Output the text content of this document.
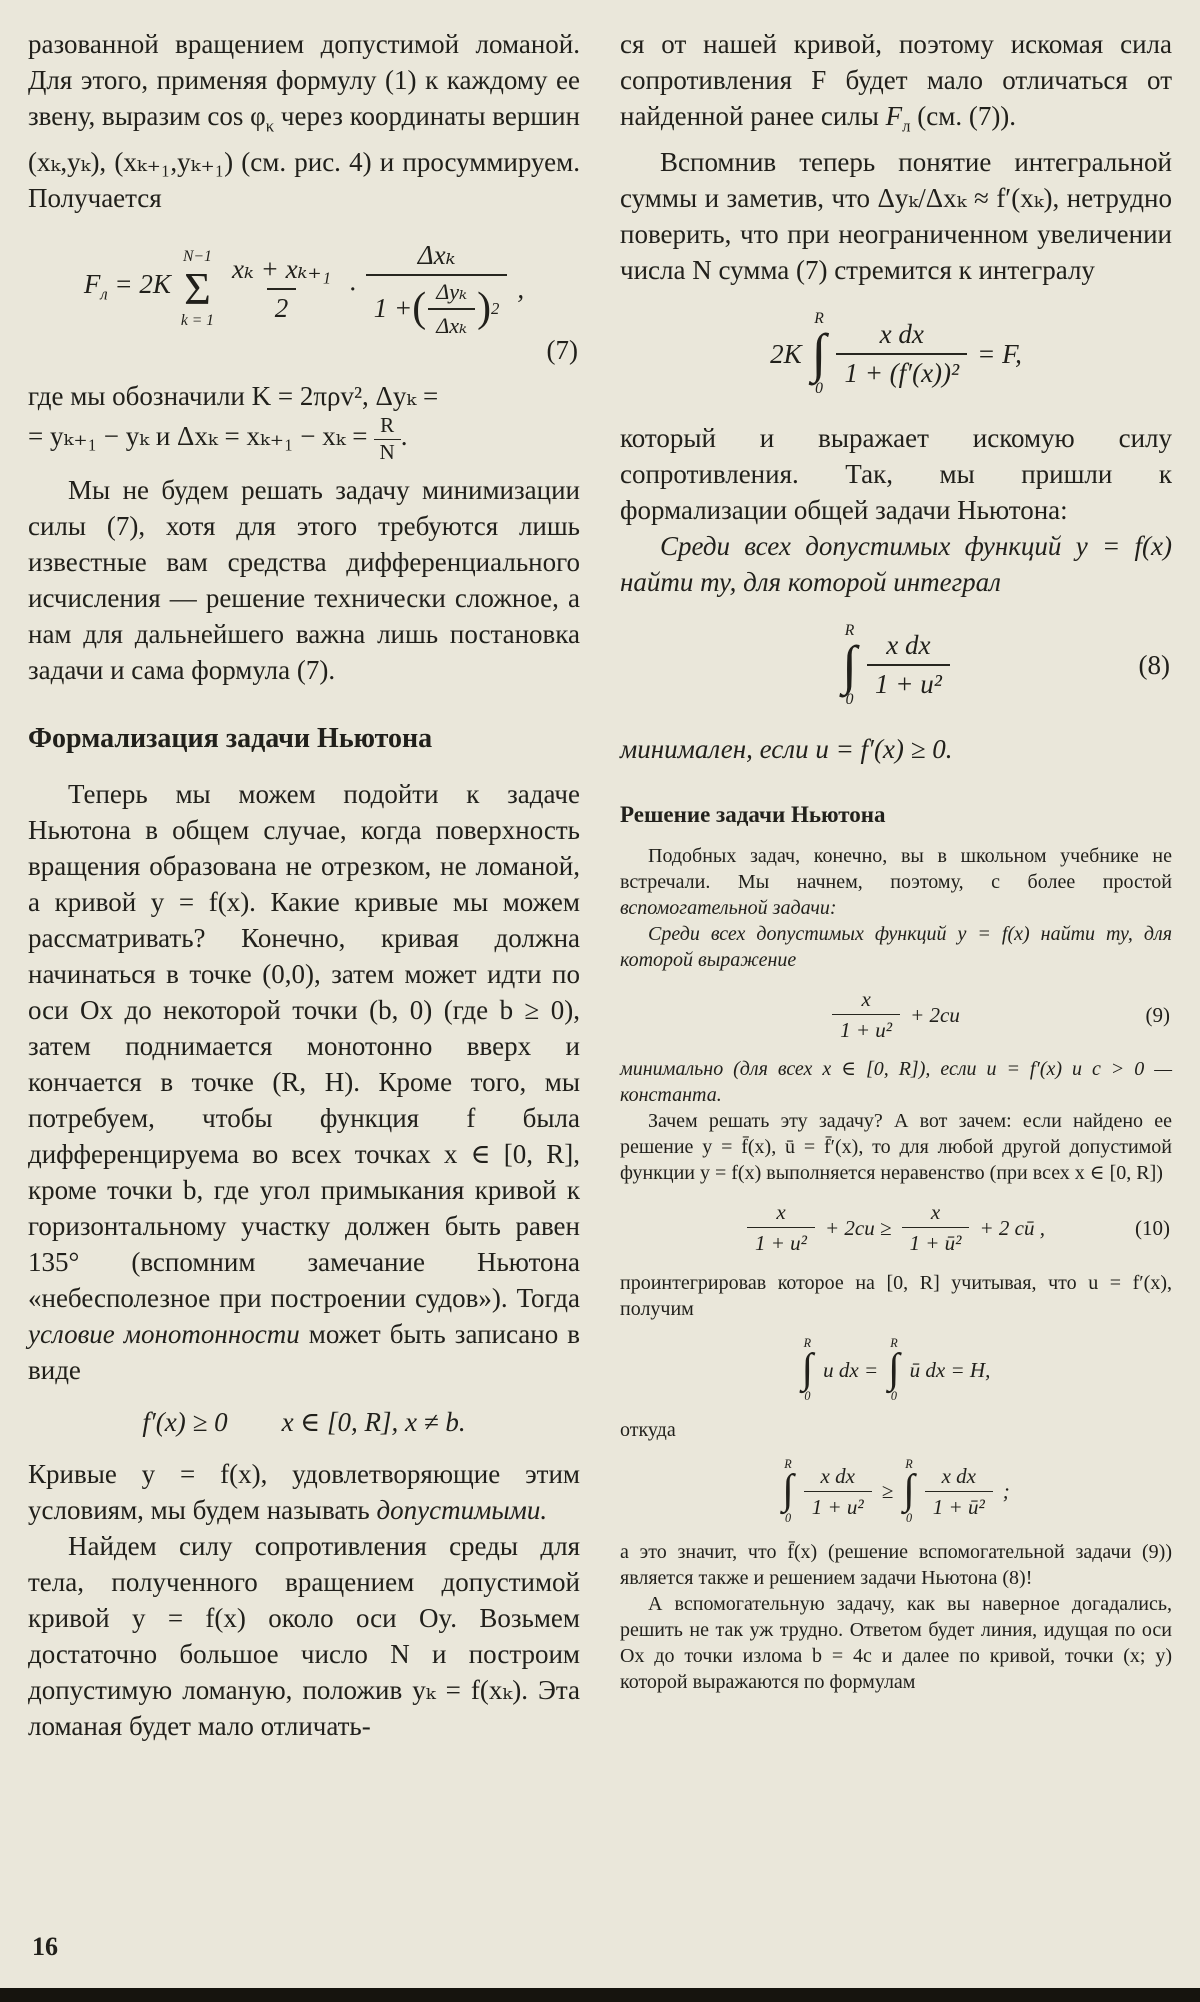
разованной вращением допустимой ломаной. Для этого, применяя формулу (1) к каждому ее звену, выразим $\cos \varphi_\kappa$ через координаты вершин (xₖ,yₖ), (xₖ₊₁,yₖ₊₁) (см. рис. 4) и просуммируем. Получается

$F_л = 2K$
N−1
Σ
$k = 1 \frac{\text{xₖ + xₖ₊₁}}{2}$ ·
Δxₖ
1 + ( $\frac{\text{Δyₖ}}{\text{Δxₖ}}$ ) 2
,
(7)
где мы обозначили K = 2πρv², Δyₖ =
= yₖ₊₁ − yₖ и $\Delta x_k = x_{k+1} - x_k = \frac{R}{N}$ .

Мы не будем решать задачу минимизации силы (7), хотя для этого требуются лишь известные вам средства дифференциального исчисления — решение технически сложное, а нам для дальнейшего важна лишь постановка задачи и сама формула (7).

Формализация задачи Ньютона

Теперь мы можем подойти к задаче Ньютона в общем случае, когда поверхность вращения образована не отрезком, не ломаной, а кривой y = f(x). Какие кривые мы можем рассматривать? Конечно, кривая должна начинаться в точке (0,0), затем может идти по оси Ox до некоторой точки (b, 0) (где b ≥ 0), затем поднимается монотонно вверх и кончается в точке (R, H). Кроме того, мы потребуем, чтобы функция f была дифференцируема во всех точках x ∈ [0, R], кроме точки b, где угол примыкания кривой к горизонтальному участку должен быть равен 135° (вспомним замечание Ньютона «небесполезное при построении судов»). Тогда условие монотонности может быть записано в виде

f′(x) ≥ 0  x ∈ [0, R], x ≠ b.

Кривые y = f(x), удовлетворяющие этим условиям, мы будем называть допустимыми.

Найдем силу сопротивления среды для тела, полученного вращением допустимой кривой y = f(x) около оси Oy. Возьмем достаточно большое число N и построим допустимую ломаную, положив yₖ = f(xₖ). Эта ломаная будет мало отличать-

ся от нашей кривой, поэтому искомая сила сопротивления F будет мало отличаться от найденной ранее силы $F_л$ (см. (7)).

Вспомнив теперь понятие интегральной суммы и заметив, что Δyₖ/Δxₖ ≈ f′(xₖ), нетрудно поверить, что при неограниченном увеличении числа N сумма (7) стремится к интегралу

2K
R
∫
$0 \frac{\text{x dx}}{\text{1 + (f′(x))²}} = F$,

который и выражает искомую силу сопротивления. Так, мы пришли к формализации общей задачи Ньютона:

Среди всех допустимых функций y = f(x) найти ту, для которой интеграл

R
∫
$0 \frac{\text{x dx}}{\text{1 + u²}}$	(8)

минимален, если u = f′(x) ≥ 0.

Решение задачи Ньютона

Подобных задач, конечно, вы в школьном учебнике не встречали. Мы начнем, поэтому, с более простой вспомогательной задачи:

Среди всех допустимых функций y = f(x) найти ту, для которой выражение

$\frac{x}{\text{1 + u²}} + 2cu$	(9)

минимально (для всех x ∈ [0, R]), если u = f′(x) и c > 0 — константа.

Зачем решать эту задачу? А вот зачем: если найдено ее решение y = f̄(x), ū = f̄′(x), то для любой другой допустимой функции y = f(x) выполняется неравенство (при всех x ∈ [0, R])

$\frac{x}{\text{1 + u²}} + 2cu \ge \frac{x}{\text{1 + ū²}} + 2$ cū ,	(10)

проинтегрировав которое на [0, R] учитывая, что u = f′(x), получим

R
∫
0
u dx =
R
∫
0
ū dx = H,

откуда

R
∫
$0 \frac{\text{x dx}}{\text{1 + u²}}$ ≥
R
∫
$0 \frac{\text{x dx}}{\text{1 + ū²}}$ ;

а это значит, что f̄(x) (решение вспомогательной задачи (9)) является также и решением задачи Ньютона (8)!

А вспомогательную задачу, как вы наверное догадались, решить не так уж трудно. Ответом будет линия, идущая по оси Ox до точки излома b = 4c и далее по кривой, точки (x; y) которой выражаются по формулам

16
